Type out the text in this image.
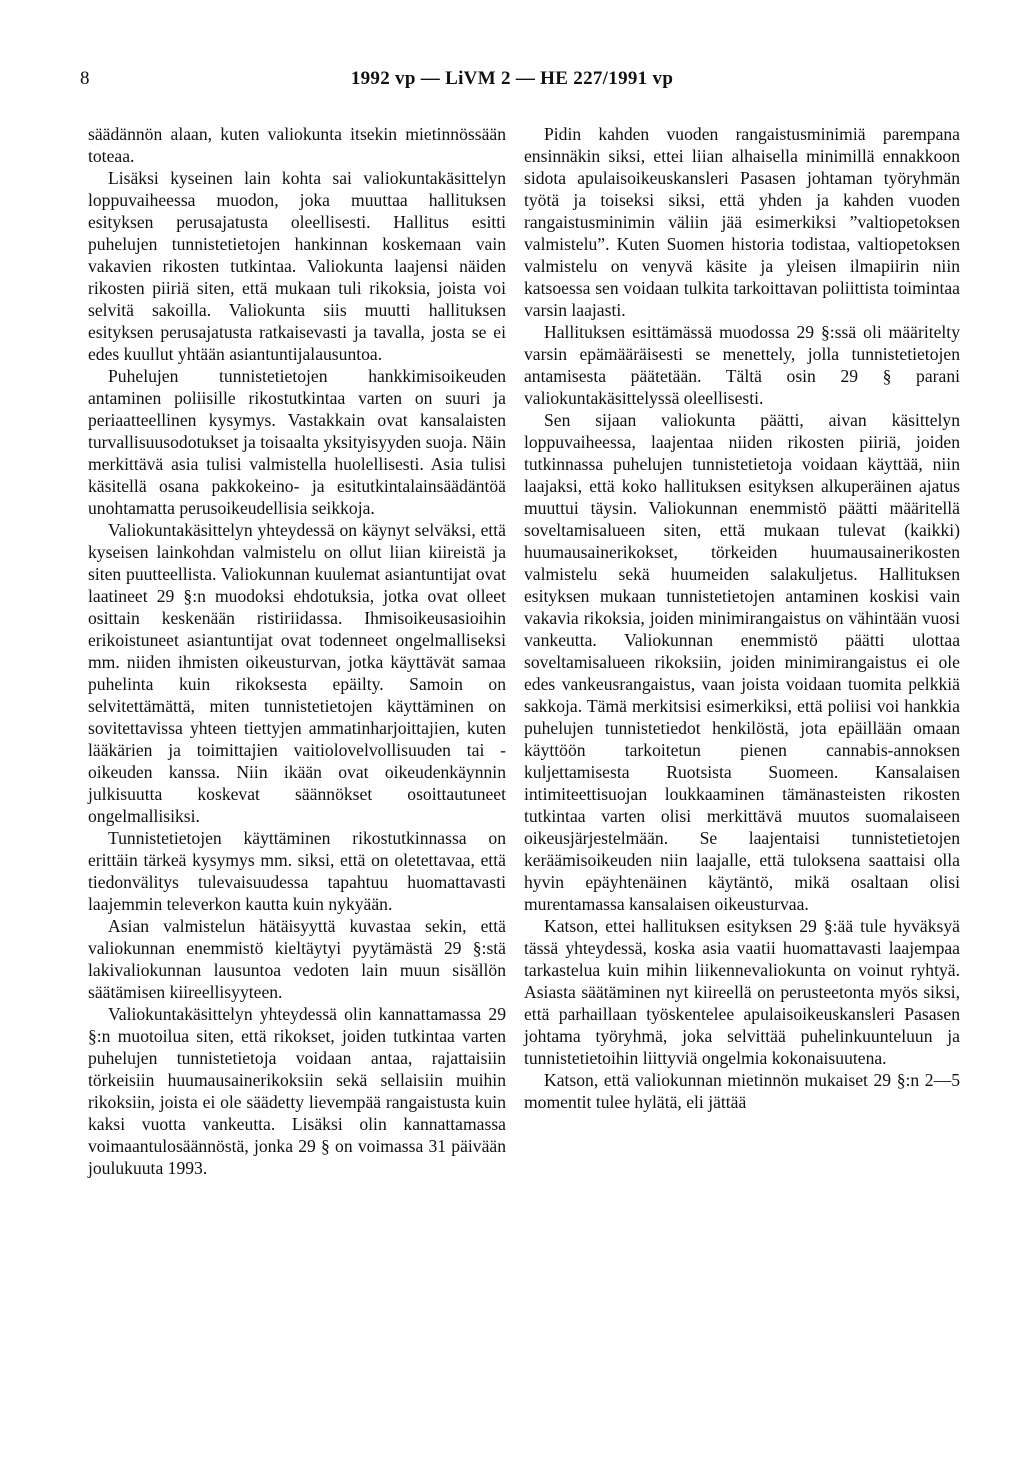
8	1992 vp — LiVM 2 — HE 227/1991 vp

säädännön alaan, kuten valiokunta itsekin mietinnössään toteaa.

Lisäksi kyseinen lain kohta sai valiokuntakäsittelyn loppuvaiheessa muodon, joka muuttaa hallituksen esityksen perusajatusta oleellisesti. Hallitus esitti puhelujen tunnistetietojen hankinnan koskemaan vain vakavien rikosten tutkintaa. Valiokunta laajensi näiden rikosten piiriä siten, että mukaan tuli rikoksia, joista voi selvitä sakoilla. Valiokunta siis muutti hallituksen esityksen perusajatusta ratkaisevasti ja tavalla, josta se ei edes kuullut yhtään asiantuntijalausuntoa.

Puhelujen tunnistetietojen hankkimisoikeuden antaminen poliisille rikostutkintaa varten on suuri ja periaatteellinen kysymys. Vastakkain ovat kansalaisten turvallisuusodotukset ja toisaalta yksityisyyden suoja. Näin merkittävä asia tulisi valmistella huolellisesti. Asia tulisi käsitellä osana pakkokeino- ja esitutkintalainsäädäntöä unohtamatta perusoikeudellisia seikkoja.

Valiokuntakäsittelyn yhteydessä on käynyt selväksi, että kyseisen lainkohdan valmistelu on ollut liian kiireistä ja siten puutteellista. Valiokunnan kuulemat asiantuntijat ovat laatineet 29 §:n muodoksi ehdotuksia, jotka ovat olleet osittain keskenään ristiriidassa. Ihmisoikeusasioihin erikoistuneet asiantuntijat ovat todenneet ongelmalliseksi mm. niiden ihmisten oikeusturvan, jotka käyttävät samaa puhelinta kuin rikoksesta epäilty. Samoin on selvitettämättä, miten tunnistetietojen käyttäminen on sovitettavissa yhteen tiettyjen ammatinharjoittajien, kuten lääkärien ja toimittajien vaitiolovelvollisuuden tai -oikeuden kanssa. Niin ikään ovat oikeudenkäynnin julkisuutta koskevat säännökset osoittautuneet ongelmallisiksi.

Tunnistetietojen käyttäminen rikostutkinnassa on erittäin tärkeä kysymys mm. siksi, että on oletettavaa, että tiedonvälitys tulevaisuudessa tapahtuu huomattavasti laajemmin televerkon kautta kuin nykyään.

Asian valmistelun hätäisyyttä kuvastaa sekin, että valiokunnan enemmistö kieltäytyi pyytämästä 29 §:stä lakivaliokunnan lausuntoa vedoten lain muun sisällön säätämisen kiireellisyyteen.

Valiokuntakäsittelyn yhteydessä olin kannattamassa 29 §:n muotoilua siten, että rikokset, joiden tutkintaa varten puhelujen tunnistetietoja voidaan antaa, rajattaisiin törkeisiin huumausainerikoksiin sekä sellaisiin muihin rikoksiin, joista ei ole säädetty lievempää rangaistusta kuin kaksi vuotta vankeutta. Lisäksi olin kannattamassa voimaantulosäännöstä, jonka 29 § on voimassa 31 päivään joulukuuta 1993.

Pidin kahden vuoden rangaistusminimiä parempana ensinnäkin siksi, ettei liian alhaisella minimillä ennakkoon sidota apulaisoikeuskansleri Pasasen johtaman työryhmän työtä ja toiseksi siksi, että yhden ja kahden vuoden rangaistusminimin väliin jää esimerkiksi ”valtiopetoksen valmistelu”. Kuten Suomen historia todistaa, valtiopetoksen valmistelu on venyvä käsite ja yleisen ilmapiirin niin katsoessa sen voidaan tulkita tarkoittavan poliittista toimintaa varsin laajasti.

Hallituksen esittämässä muodossa 29 §:ssä oli määritelty varsin epämääräisesti se menettely, jolla tunnistetietojen antamisesta päätetään. Tältä osin 29 § parani valiokuntakäsittelyssä oleellisesti.

Sen sijaan valiokunta päätti, aivan käsittelyn loppuvaiheessa, laajentaa niiden rikosten piiriä, joiden tutkinnassa puhelujen tunnistetietoja voidaan käyttää, niin laajaksi, että koko hallituksen esityksen alkuperäinen ajatus muuttui täysin. Valiokunnan enemmistö päätti määritellä soveltamisalueen siten, että mukaan tulevat (kaikki) huumausainerikokset, törkeiden huumausainerikosten valmistelu sekä huumeiden salakuljetus. Hallituksen esityksen mukaan tunnistetietojen antaminen koskisi vain vakavia rikoksia, joiden minimirangaistus on vähintään vuosi vankeutta. Valiokunnan enemmistö päätti ulottaa soveltamisalueen rikoksiin, joiden minimirangaistus ei ole edes vankeusrangaistus, vaan joista voidaan tuomita pelkkiä sakkoja. Tämä merkitsisi esimerkiksi, että poliisi voi hankkia puhelujen tunnistetiedot henkilöstä, jota epäillään omaan käyttöön tarkoitetun pienen cannabis-annoksen kuljettamisesta Ruotsista Suomeen. Kansalaisen intimiteettisuojan loukkaaminen tämänasteisten rikosten tutkintaa varten olisi merkittävä muutos suomalaiseen oikeusjärjestelmään. Se laajentaisi tunnistetietojen keräämisoikeuden niin laajalle, että tuloksena saattaisi olla hyvin epäyhtenäinen käytäntö, mikä osaltaan olisi murentamassa kansalaisen oikeusturvaa.

Katson, ettei hallituksen esityksen 29 §:ää tule hyväksyä tässä yhteydessä, koska asia vaatii huomattavasti laajempaa tarkastelua kuin mihin liikennevaliokunta on voinut ryhtyä. Asiasta säätäminen nyt kiireellä on perusteetonta myös siksi, että parhaillaan työskentelee apulaisoikeuskansleri Pasasen johtama työryhmä, joka selvittää puhelinkuunteluun ja tunnistetietoihin liittyviä ongelmia kokonaisuutena.

Katson, että valiokunnan mietinnön mukaiset 29 §:n 2—5 momentit tulee hylätä, eli jättää
